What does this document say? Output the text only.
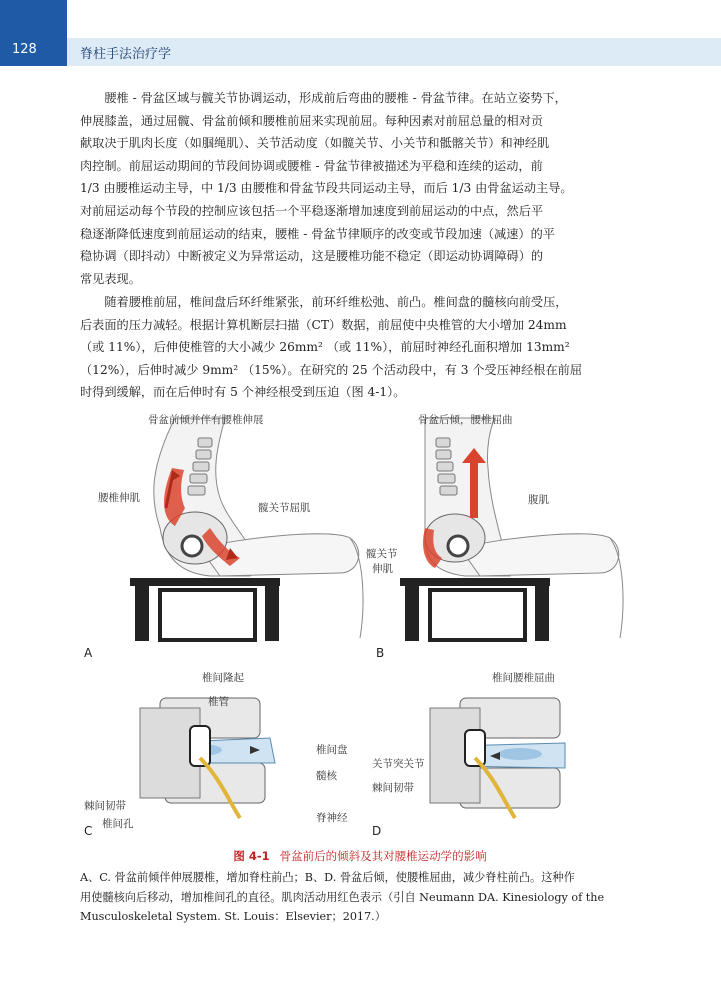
128	脊柱手法治疗学
　　腰椎 - 骨盆区域与髋关节协调运动，形成前后弯曲的腰椎 - 骨盆节律。在站立姿势下，
伸展膝盖，通过屈髋、骨盆前倾和腰椎前屈来实现前屈。每种因素对前屈总量的相对贡
献取决于肌肉长度（如腘绳肌）、关节活动度（如髋关节、小关节和骶髂关节）和神经肌
肉控制。前屈运动期间的节段间协调或腰椎 - 骨盆节律被描述为平稳和连续的运动，前
1/3 由腰椎运动主导，中 1/3 由腰椎和骨盆节段共同运动主导，而后 1/3 由骨盆运动主导。
对前屈运动每个节段的控制应该包括一个平稳逐渐增加速度到前屈运动的中点，然后平
稳逐渐降低速度到前屈运动的结束，腰椎 - 骨盆节律顺序的改变或节段加速（减速）的平
稳协调（即抖动）中断被定义为异常运动，这是腰椎功能不稳定（即运动协调障碍）的
常见表现。
　　随着腰椎前屈，椎间盘后环纤维紧张，前环纤维松弛、前凸。椎间盘的髓核向前受压，
后表面的压力减轻。根据计算机断层扫描（CT）数据，前屈使中央椎管的大小增加 24mm
（或 11%），后伸使椎管的大小减少 26mm² （或 11%），前屈时神经孔面积增加 13mm²
（12%），后伸时减少 9mm² （15%）。在研究的 25 个活动段中，有 3 个受压神经根在前屈
时得到缓解，而在后伸时有 5 个神经根受到压迫（图 4-1）。
骨盆前倾并伴有腰椎伸展
腰椎伸肌
髋关节屈肌
A
骨盆后倾，腰椎屈曲
腹肌
髋关节
伸肌
B
椎间隆起
椎管
椎间盘
髓核
脊神经
棘间韧带
椎间孔
C
椎间腰椎屈曲
关节突关节
棘间韧带
D
图 4-1 骨盆前后的倾斜及其对腰椎运动学的影响
A、C. 骨盆前倾伴伸展腰椎，增加脊柱前凸；B、D. 骨盆后倾，使腰椎屈曲，减少脊柱前凸。这种作
用使髓核向后移动，增加椎间孔的直径。肌肉活动用红色表示（引自 Neumann DA. Kinesiology of the
Musculoskeletal System. St. Louis：Elsevier；2017.）
